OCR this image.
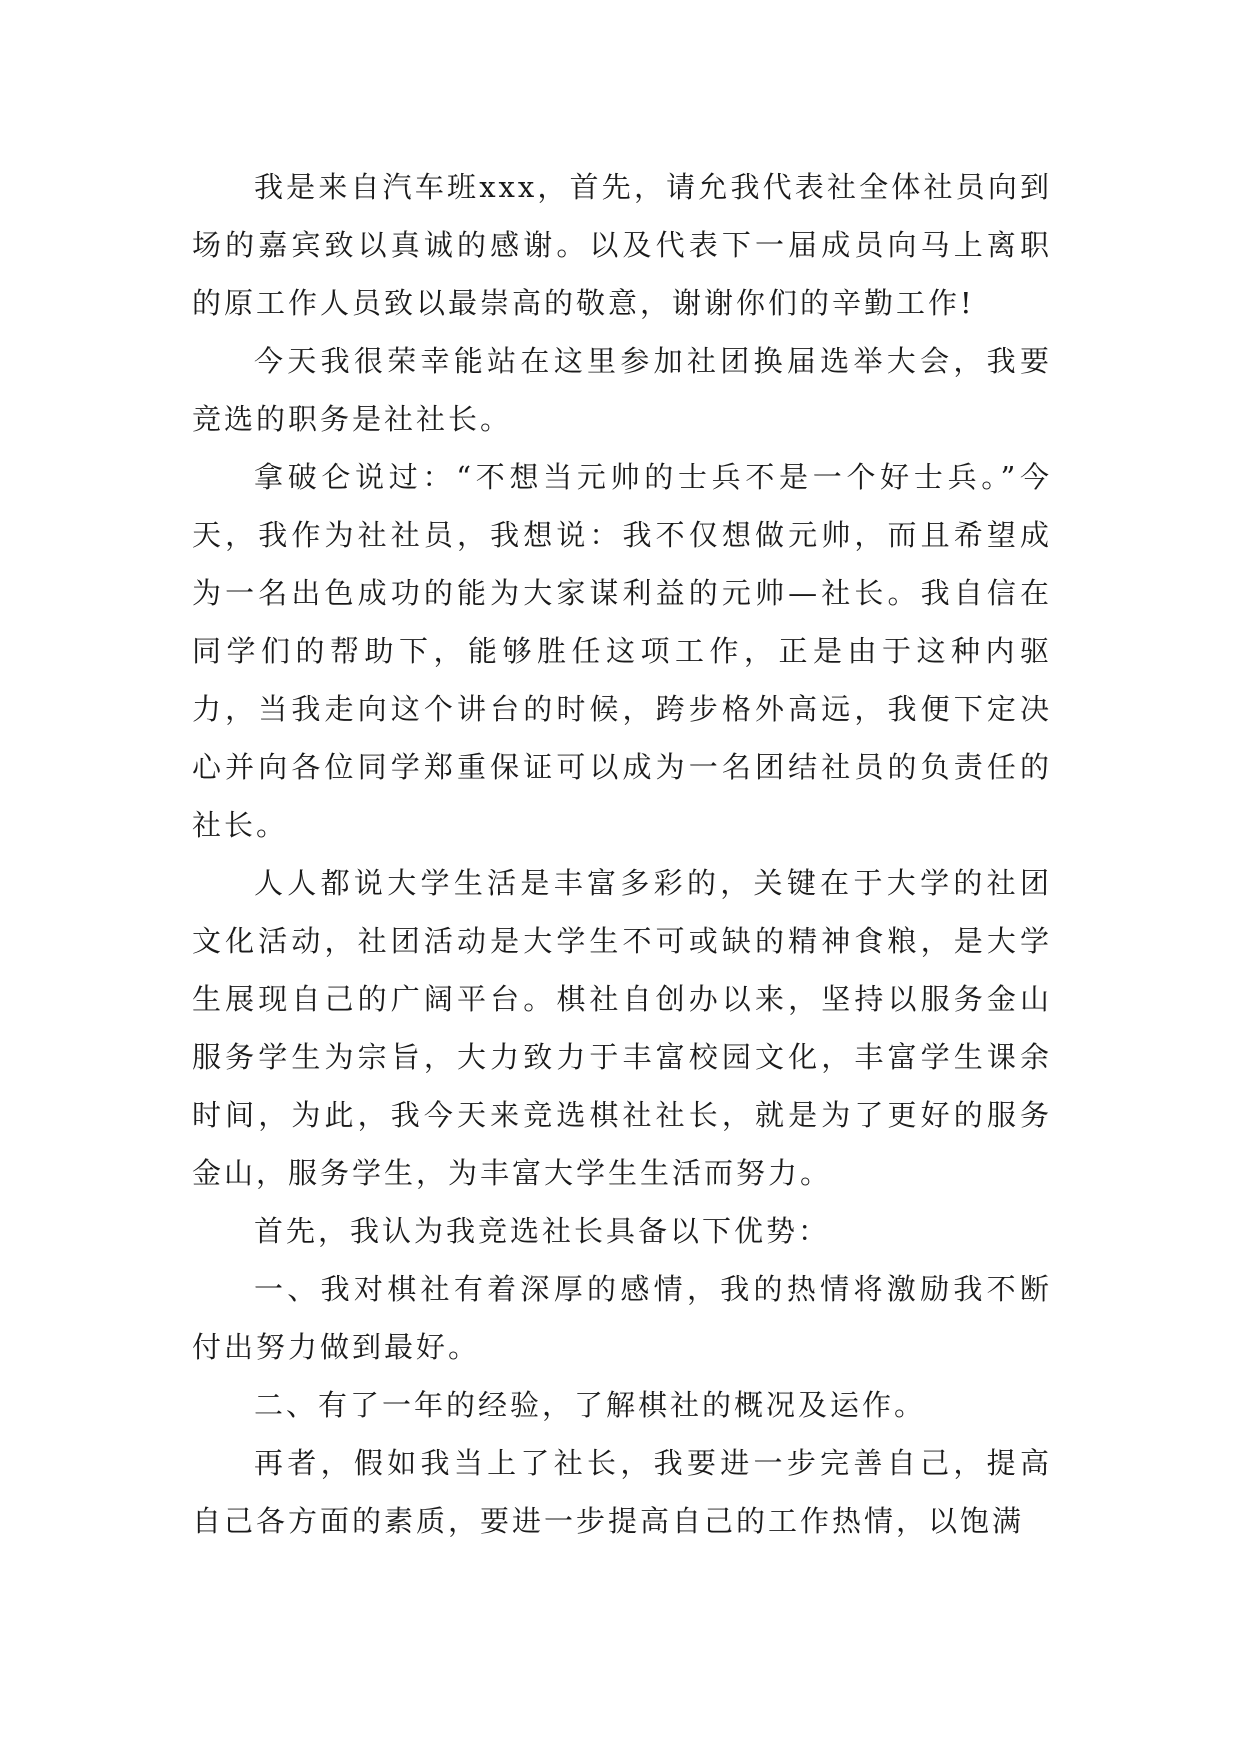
我是来自汽车班xxx，首先，请允我代表社全体社员向到场的嘉宾致以真诚的感谢。以及代表下一届成员向马上离职的原工作人员致以最崇高的敬意，谢谢你们的辛勤工作!

今天我很荣幸能站在这里参加社团换届选举大会，我要竞选的职务是社社长。

拿破仑说过：“不想当元帅的士兵不是一个好士兵。”今天，我作为社社员，我想说：我不仅想做元帅，而且希望成为一名出色成功的能为大家谋利益的元帅—社长。我自信在同学们的帮助下，能够胜任这项工作，正是由于这种内驱力，当我走向这个讲台的时候，跨步格外高远，我便下定决心并向各位同学郑重保证可以成为一名团结社员的负责任的社长。

人人都说大学生活是丰富多彩的，关键在于大学的社团文化活动，社团活动是大学生不可或缺的精神食粮，是大学生展现自己的广阔平台。棋社自创办以来，坚持以服务金山服务学生为宗旨，大力致力于丰富校园文化，丰富学生课余时间，为此，我今天来竞选棋社社长，就是为了更好的服务金山，服务学生，为丰富大学生生活而努力。

首先，我认为我竞选社长具备以下优势：

一、我对棋社有着深厚的感情，我的热情将激励我不断付出努力做到最好。

二、有了一年的经验，了解棋社的概况及运作。

再者，假如我当上了社长，我要进一步完善自己，提高自己各方面的素质，要进一步提高自己的工作热情，以饱满
